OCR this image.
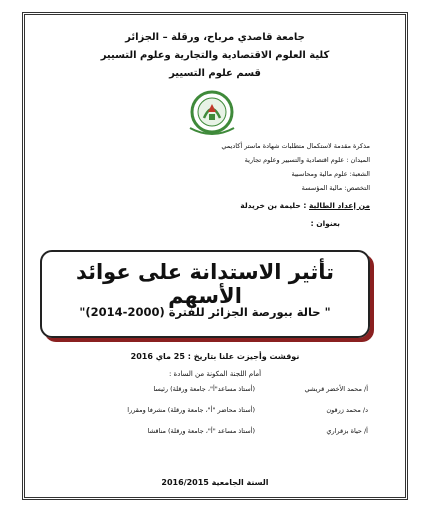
جامعة قاصدي مرباح، ورقلة – الجزائر
كلية العلوم الاقتصادية والتجارية وعلوم التسيير
قسم علوم التسيير
مذكرة مقدمة لاستكمال متطلبات شهادة ماستر أكاديمي
الميدان : علوم اقتصادية والتسيير وعلوم تجارية
الشعبة: علوم مالية ومحاسبية
التخصص: مالية المؤسسة
من إعداد الطالبة : حليمة بن خريدلة
بعنوان :
تأثير الاستدانة على عوائد الأسهم
" حالة ببورصة الجزائر للفترة (2000-2014)"
نوقشت وأجيزت علنا بتاريخ : 25 ماي 2016
أمام اللجنة المكونة من السادة :
أ/ محمد الأخضر قريشي
(أستاذ مساعد"أ"، جامعة ورقلة) رئيسا
د/ محمد زرقون
(أستاذ محاضر "أ"، جامعة ورقلة) مشرفا ومقررا
أ/ حياة بزقراري
(أستاذ مساعد "أ"، جامعة ورقلة) مناقشا
السنة الجامعية 2016/2015
